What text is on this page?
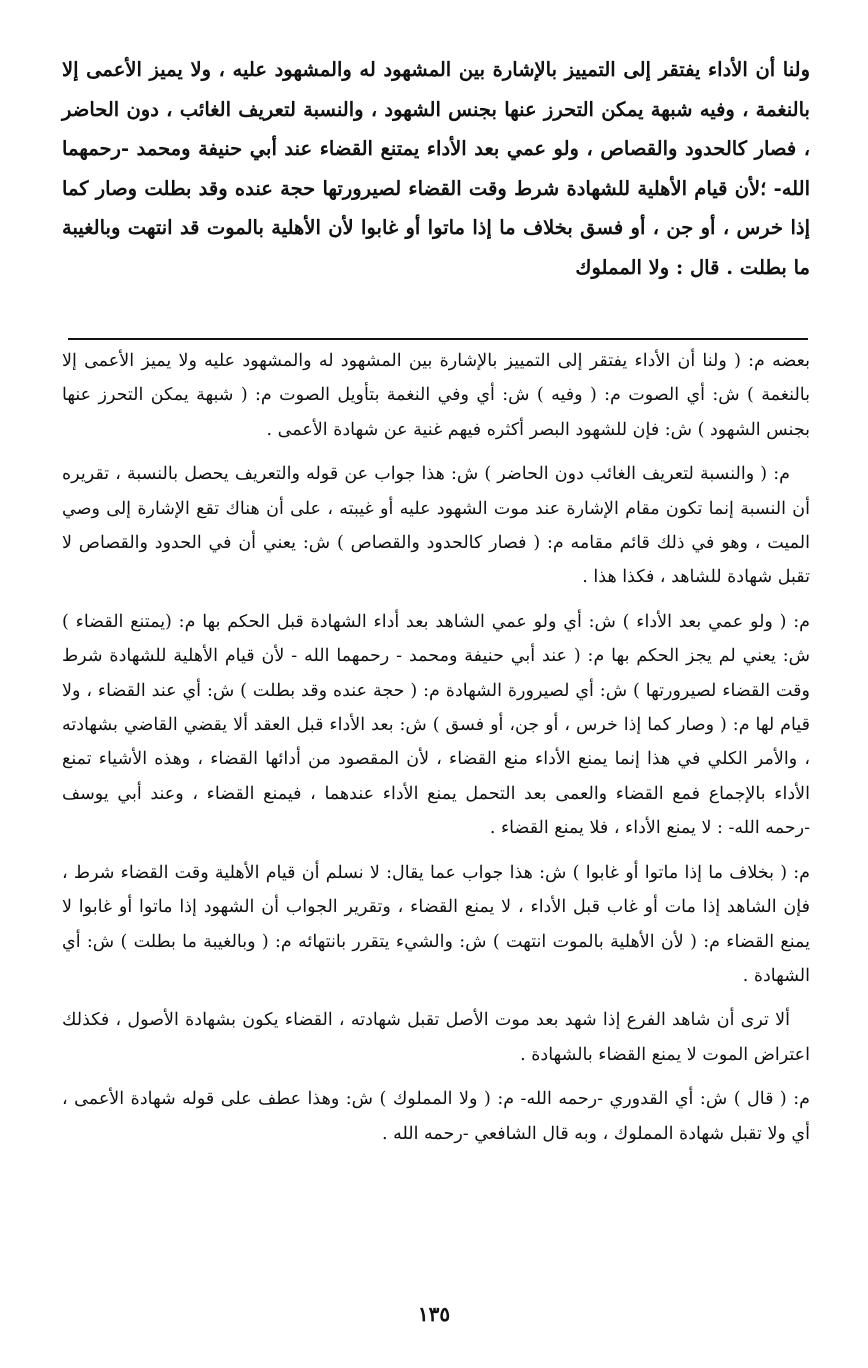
ولنا أن الأداء يفتقر إلى التمييز بالإشارة بين المشهود له والمشهود عليه ، ولا يميز الأعمى إلا بالنغمة ، وفيه شبهة يمكن التحرز عنها بجنس الشهود ، والنسبة لتعريف الغائب ، دون الحاضر ، فصار كالحدود والقصاص ، ولو عمي بعد الأداء يمتنع القضاء عند أبي حنيفة ومحمد -رحمهما الله- ؛لأن قيام الأهلية للشهادة شرط وقت القضاء لصيرورتها حجة عنده وقد بطلت وصار كما إذا خرس ، أو جن ، أو فسق بخلاف ما إذا ماتوا أو غابوا لأن الأهلية بالموت قد انتهت وبالغيبة ما بطلت . قال : ولا المملوك

بعضه م: ( ولنا أن الأداء يفتقر إلى التمييز بالإشارة بين المشهود له والمشهود عليه ولا يميز الأعمى إلا بالنغمة ) ش: أي الصوت م: ( وفيه ) ش: أي وفي النغمة بتأويل الصوت م: ( شبهة يمكن التحرز عنها بجنس الشهود ) ش: فإن للشهود البصر أكثره فيهم غنية عن شهادة الأعمى .

م: ( والنسبة لتعريف الغائب دون الحاضر ) ش: هذا جواب عن قوله والتعريف يحصل بالنسبة ، تقريره أن النسبة إنما تكون مقام الإشارة عند موت الشهود عليه أو غيبته ، على أن هناك تقع الإشارة إلى وصي الميت ، وهو في ذلك قائم مقامه م: ( فصار كالحدود والقصاص ) ش: يعني أن في الحدود والقصاص لا تقبل شهادة للشاهد ، فكذا هذا .

م: ( ولو عمي بعد الأداء ) ش: أي ولو عمي الشاهد بعد أداء الشهادة قبل الحكم بها م: (يمتنع القضاء ) ش: يعني لم يجز الحكم بها م: ( عند أبي حنيفة ومحمد - رحمهما الله - لأن قيام الأهلية للشهادة شرط وقت القضاء لصيرورتها ) ش: أي لصيرورة الشهادة م: ( حجة عنده وقد بطلت ) ش: أي عند القضاء ، ولا قيام لها م: ( وصار كما إذا خرس ، أو جن، أو فسق ) ش: بعد الأداء قبل العقد ألا يقضي القاضي بشهادته ، والأمر الكلي في هذا إنما يمنع الأداء منع القضاء ، لأن المقصود من أدائها القضاء ، وهذه الأشياء تمنع الأداء بالإجماع فمع القضاء والعمى بعد التحمل يمنع الأداء عندهما ، فيمنع القضاء ، وعند أبي يوسف -رحمه الله- : لا يمنع الأداء ، فلا يمنع القضاء .

م: ( بخلاف ما إذا ماتوا أو غابوا ) ش: هذا جواب عما يقال: لا نسلم أن قيام الأهلية وقت القضاء شرط ، فإن الشاهد إذا مات أو غاب قبل الأداء ، لا يمنع القضاء ، وتقرير الجواب أن الشهود إذا ماتوا أو غابوا لا يمنع القضاء م: ( لأن الأهلية بالموت انتهت ) ش: والشيء يتقرر بانتهائه م: ( وبالغيبة ما بطلت ) ش: أي الشهادة .

ألا ترى أن شاهد الفرع إذا شهد بعد موت الأصل تقبل شهادته ، القضاء يكون بشهادة الأصول ، فكذلك اعتراض الموت لا يمنع القضاء بالشهادة .

م: ( قال ) ش: أي القدوري -رحمه الله- م: ( ولا المملوك ) ش: وهذا عطف على قوله شهادة الأعمى ، أي ولا تقبل شهادة المملوك ، وبه قال الشافعي -رحمه الله .

١٣٥
